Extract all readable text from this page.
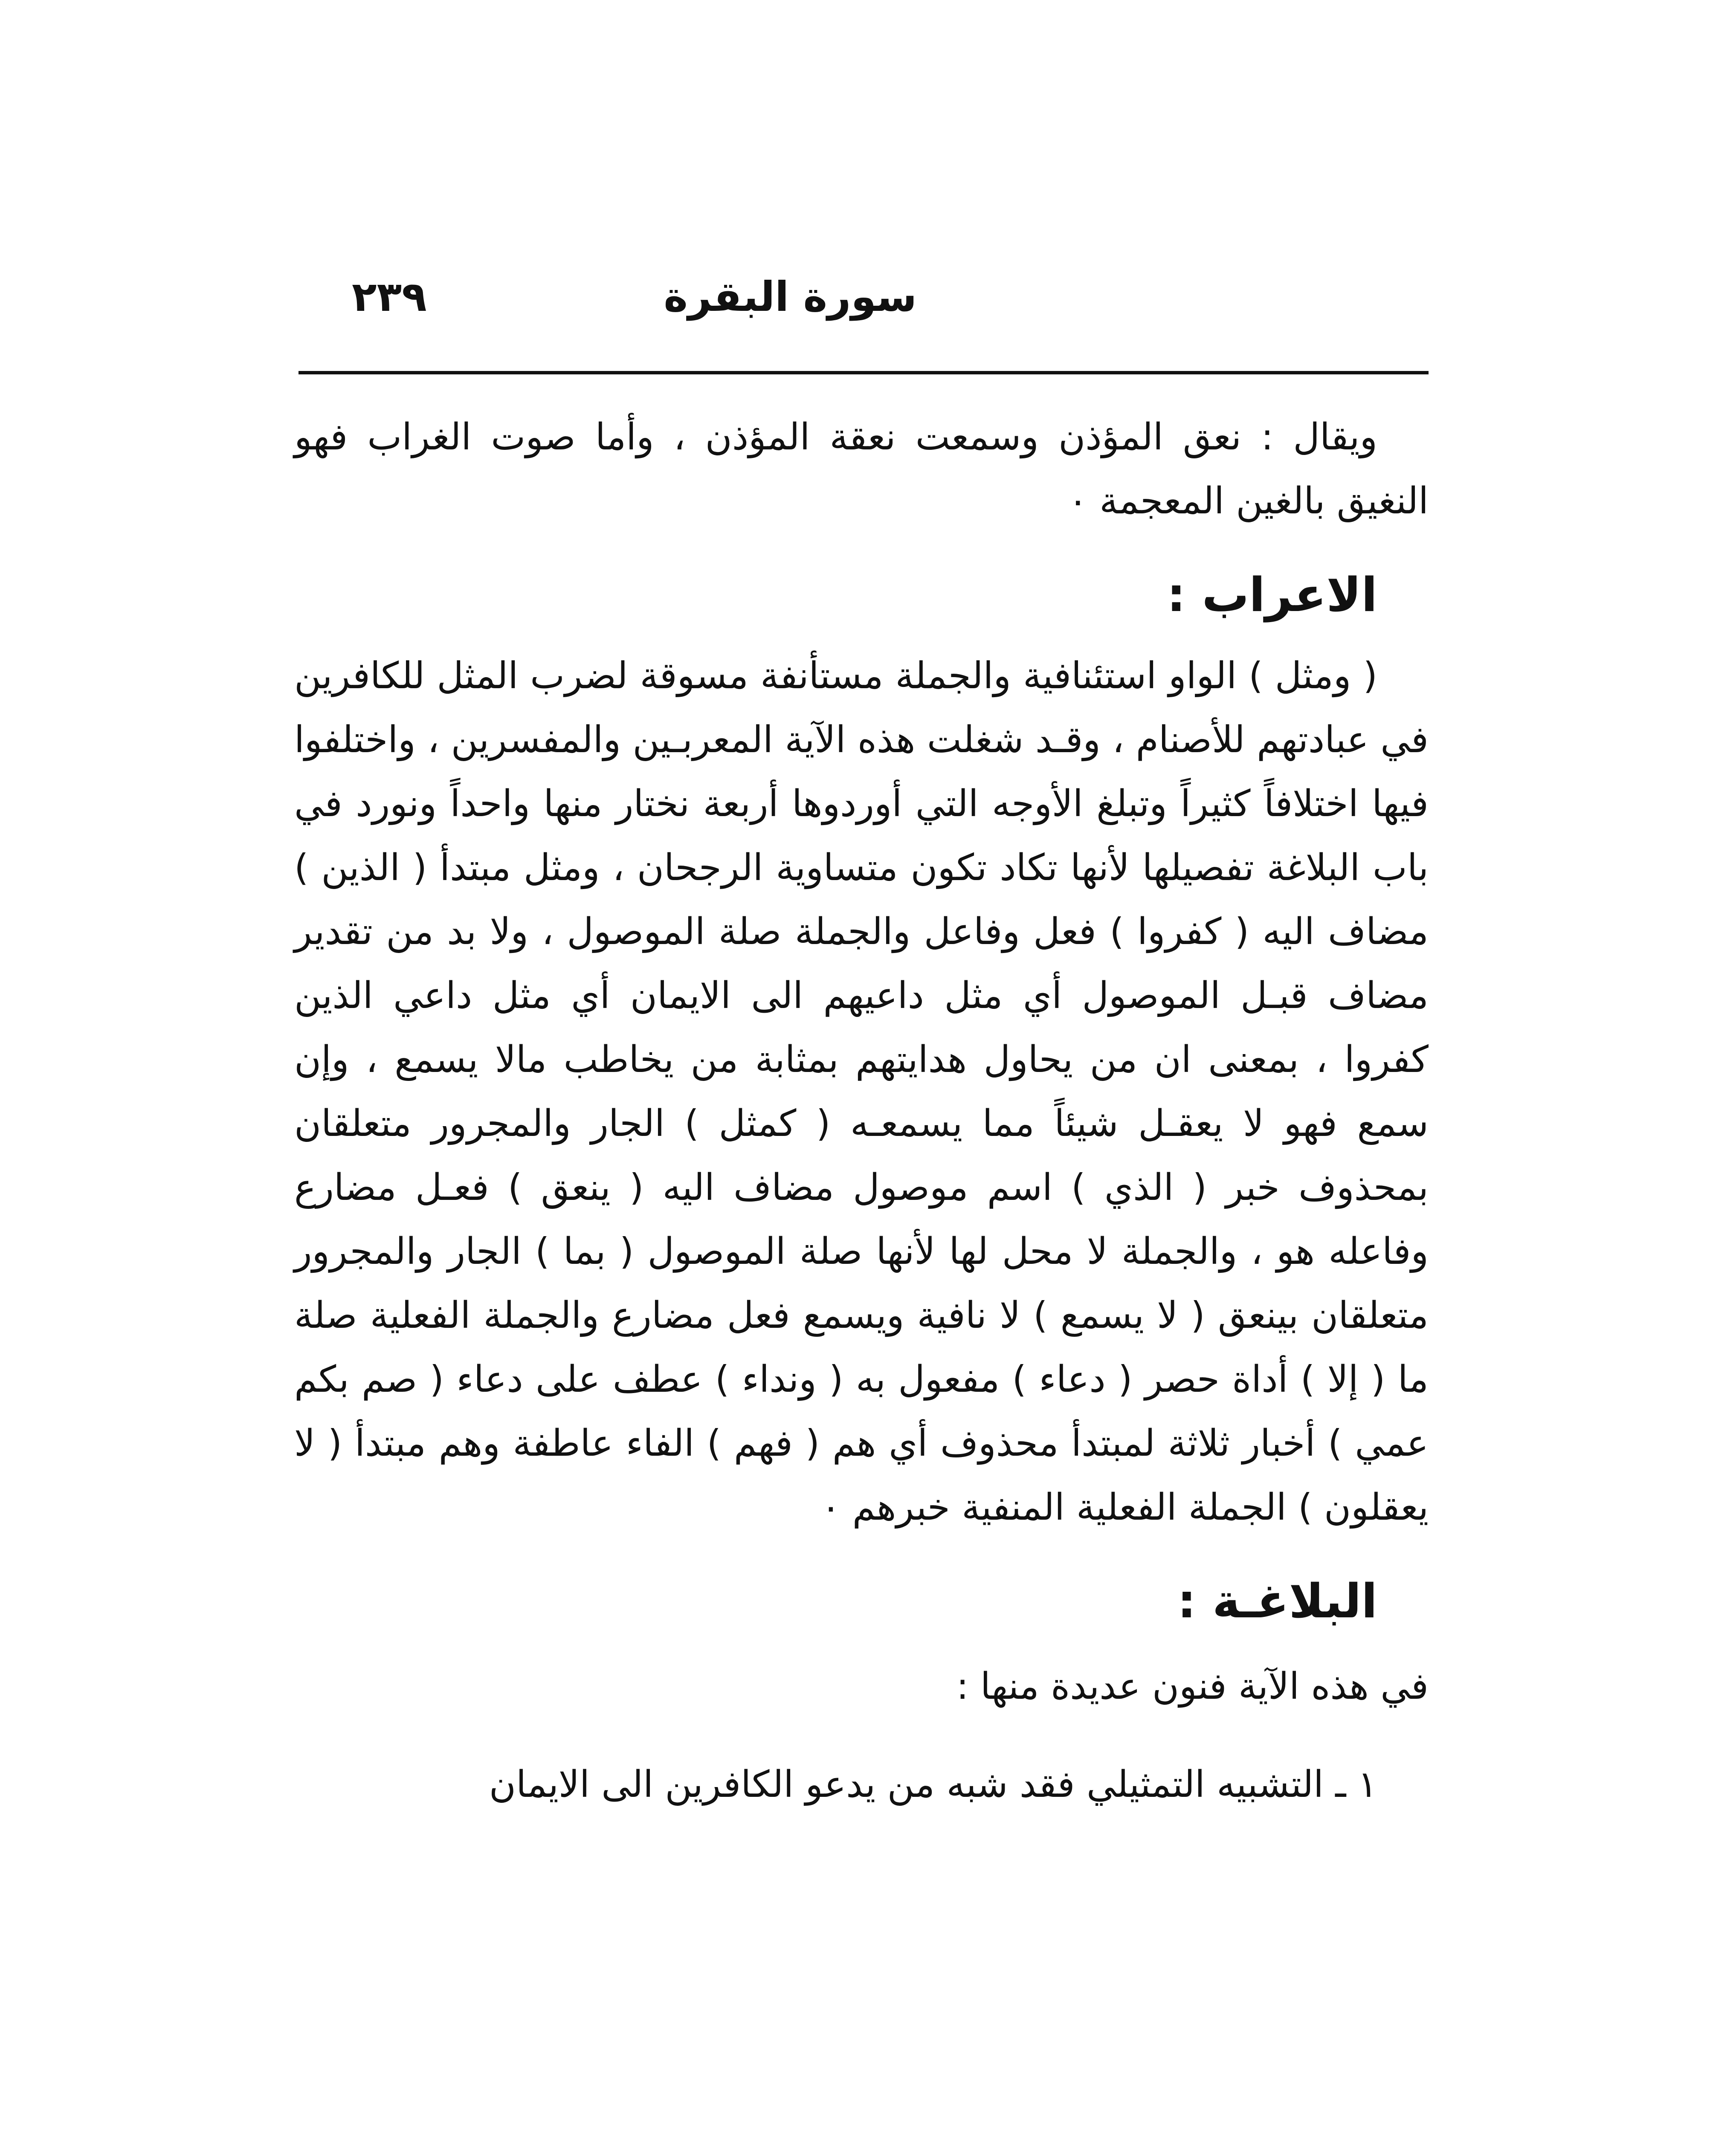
سورة البقرة
٢٣٩

ويقال : نعق المؤذن وسمعت نعقة المؤذن ، وأما صوت الغراب فهو النغيق بالغين المعجمة ٠

الاعراب :

( ومثل ) الواو استئنافية والجملة مستأنفة مسوقة لضرب المثل للكافرين في عبادتهم للأصنام ، وقـد شغلت هذه الآية المعربـين والمفسرين ، واختلفوا فيها اختلافاً كثيراً وتبلغ الأوجه التي أوردوها أربعة نختار منها واحداً ونورد في باب البلاغة تفصيلها لأنها تكاد تكون متساوية الرجحان ، ومثل مبتدأ ( الذين ) مضاف اليه ( كفروا ) فعل وفاعل والجملة صلة الموصول ، ولا بد من تقدير مضاف قبـل الموصول أي مثل داعيهم الى الايمان أي مثل داعي الذين كفروا ، بمعنى ان من يحاول هدايتهم بمثابة من يخاطب مالا يسمع ، وإن سمع فهو لا يعقـل شيئاً مما يسمعـه ( كمثل ) الجار والمجرور متعلقان بمحذوف خبر ( الذي ) اسم موصول مضاف اليه ( ينعق ) فعـل مضارع وفاعله هو ، والجملة لا محل لها لأنها صلة الموصول ( بما ) الجار والمجرور متعلقان بينعق ( لا يسمع ) لا نافية ويسمع فعل مضارع والجملة الفعلية صلة ما ( إلا ) أداة حصر ( دعاء ) مفعول به ( ونداء ) عطف على دعاء ( صم بكم عمي ) أخبار ثلاثة لمبتدأ محذوف أي هم ( فهم ) الفاء عاطفة وهم مبتدأ ( لا يعقلون ) الجملة الفعلية المنفية خبرهم ٠

البلاغـة :

في هذه الآية فنون عديدة منها :

١ ـ التشبيه التمثيلي فقد شبه من يدعو الكافرين الى الايمان
